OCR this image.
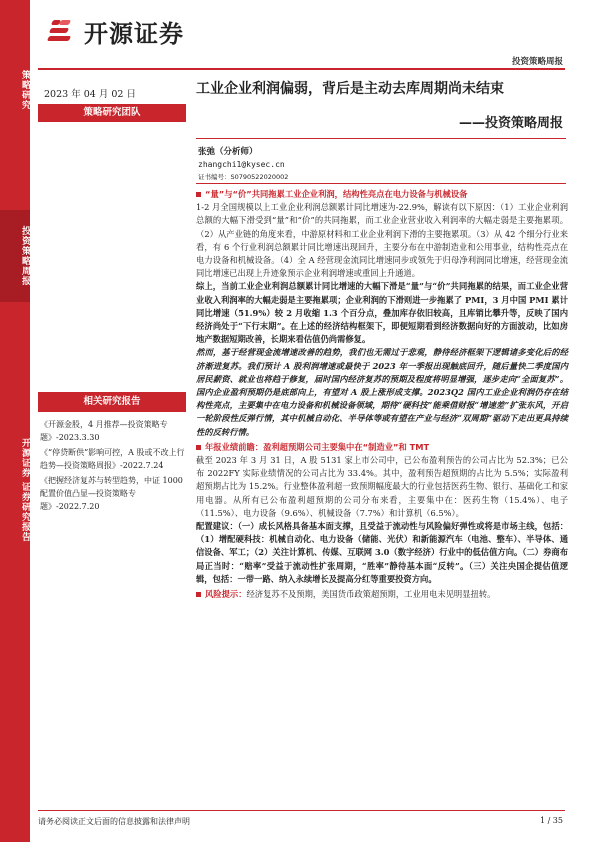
策略研究
投资策略周报
开源证券 证券研究报告
开源证券
投资策略周报
2023 年 04 月 02 日
策略研究团队
工业企业利润偏弱，背后是主动去库周期尚未结束
——投资策略周报
张弛（分析师）
zhangchi1@kysec.cn
证书编号：S0790522020002
“量”与“价”共同拖累工业企业利润，结构性亮点在电力设备与机械设备

1-2 月全国规模以上工业企业利润总额累计同比增速为-22.9%，解读有以下原因：（1）工业企业利润总额的大幅下滑受到“量”和“价”的共同拖累，而工业企业营业收入利润率的大幅走弱是主要拖累项。（2）从产业链的角度来看，中游原材料和工业企业利润下滑的主要拖累项。（3）从 42 个细分行业来看，有 6 个行业利润总额累计同比增速出现回升，主要分布在中游制造业和公用事业，结构性亮点在电力设备和机械设备。（4）全 A 经营现金流同比增速同步或领先于归母净利润同比增速，经营现金流同比增速已出现上升迹象预示企业利润增速或重回上升通道。

综上，当前工业企业利润总额累计同比增速的大幅下滑是“量”与“价”共同拖累的结果，而工业企业营业收入利润率的大幅走弱是主要拖累项；企业利润的下滑则进一步拖累了 PMI，3 月中国 PMI 累计同比增速（51.9%）较 2 月收缩 1.3 个百分点，叠加库存依旧较高，且库销比攀升等，反映了国内经济尚处于“下行末期”。在上述的经济结构框架下，即便短期看到经济数据向好的方面波动，比如房地产数据短期改善，长期来看估值仍尚需修复。

然而，基于经营现金流增速改善的趋势，我们也无需过于悲观，静待经济框架下逻辑诸多变化后的经济渐进复苏。我们预计 A 股利润增速或最快于 2023 年一季报出现触底回升，随后量快二季度国内居民薪资、就业也将趋于修复，届时国内经济复苏的预期及程度将明显增强，逐步走向“全面复苏”。国内企业盈利预期仍是底部向上，有望对 A 股上涨形成支撑。2023Q2 国内工业企业利润仍存在结构性亮点，主要集中在电力设备和机械设备领域，期待“硬科技”能乘借财报“增速差”扩张东风，开启一轮阶段性反弹行情，其中机械自动化、半导体等或有望在产业与经济“双周期”驱动下走出更具持续性的反转行情。

年报业绩前瞻：盈利超预期公司主要集中在“制造业”和 TMT

截至 2023 年 3 月 31 日，A 股 5131 家上市公司中，已公布盈利预告的公司占比为 52.3%；已公布 2022FY 实际业绩情况的公司占比为 33.4%。其中，盈利预告超预期的占比为 5.5%；实际盈利超预期占比为 15.2%。行业整体盈利超一致预期幅度最大的行业包括医药生物、银行、基础化工和家用电器。从所有已公布盈利超预期的公司分布来看，主要集中在：医药生物（15.4%）、电子（11.5%）、电力设备（9.6%）、机械设备（7.7%）和计算机（6.5%）。

配置建议：（一）成长风格具备基本面支撑，且受益于流动性与风险偏好弹性或将是市场主线，包括：（1）增配硬科技：机械自动化、电力设备（储能、光伏）和新能源汽车（电池、整车）、半导体、通信设备、军工；（2）关注计算机、传媒、互联网 3.0（数字经济）行业中的低估值方向。（二）券商布局正当时：“赔率”受益于流动性扩张周期，“胜率”静待基本面“反转”。（三）关注央国企提估值逻辑，包括：一带一路、纳入永续增长及提高分红等重要投资方向。

风险提示：经济复苏不及预期，美国货币政策超预期，工业用电未见明显扭转。

相关研究报告

《开源金股，4 月推荐—投资策略专题》-2023.3.30

《“停贷断供”影响可控，A 股或不改上行趋势—投资策略周报》-2022.7.24

《把握经济复苏与转型趋势，中证 1000 配置价值凸显—投资策略专题》-2022.7.20

请务必阅读正文后面的信息披露和法律声明	1 / 35
